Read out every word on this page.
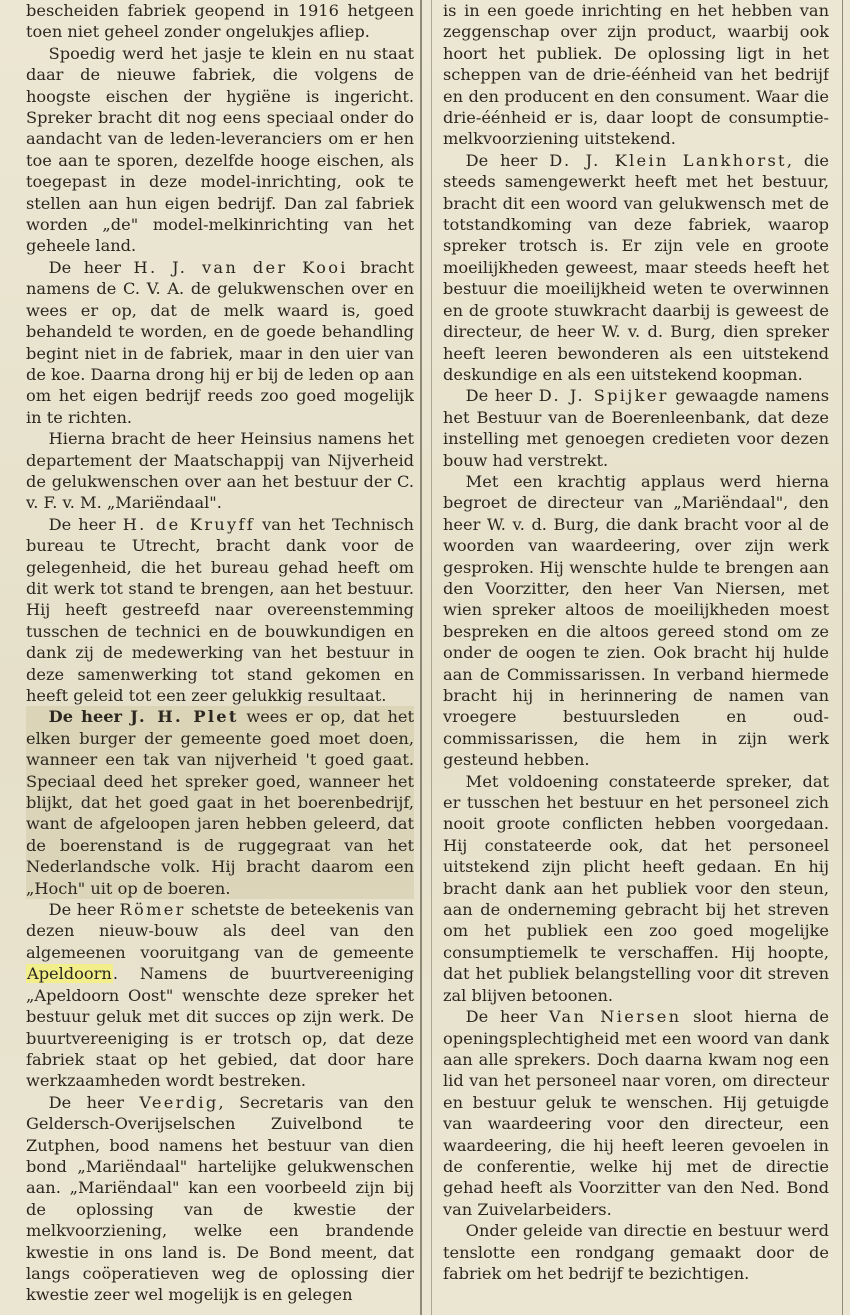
bescheiden fabriek geopend in 1916 hetgeen toen niet geheel zonder ongelukjes afliep.

Spoedig werd het jasje te klein en nu staat daar de nieuwe fabriek, die volgens de hoogste eischen der hygiëne is ingericht. Spreker bracht dit nog eens speciaal onder do aandacht van de leden-leveranciers om er hen toe aan te sporen, dezelfde hooge eischen, als toegepast in deze model-inrichting, ook te stellen aan hun eigen bedrijf. Dan zal fabriek worden „de" model-melkinrichting van het geheele land.

De heer H. J. van der Kooi bracht namens de C. V. A. de gelukwenschen over en wees er op, dat de melk waard is, goed behandeld te worden, en de goede behandling begint niet in de fabriek, maar in den uier van de koe. Daarna drong hij er bij de leden op aan om het eigen bedrijf reeds zoo goed mogelijk in te richten.

Hierna bracht de heer Heinsius namens het departement der Maatschappij van Nijverheid de gelukwenschen over aan het bestuur der C. v. F. v. M. „Mariëndaal".

De heer H. de Kruyff van het Technisch bureau te Utrecht, bracht dank voor de gelegenheid, die het bureau gehad heeft om dit werk tot stand te brengen, aan het bestuur. Hij heeft gestreefd naar overeenstemming tusschen de technici en de bouwkundigen en dank zij de medewerking van het bestuur in deze samenwerking tot stand gekomen en heeft geleid tot een zeer gelukkig resultaat.

De heer J. H. Plet wees er op, dat het elken burger der gemeente goed moet doen, wanneer een tak van nijverheid 't goed gaat. Speciaal deed het spreker goed, wanneer het blijkt, dat het goed gaat in het boerenbedrijf, want de afgeloopen jaren hebben geleerd, dat de boerenstand is de ruggegraat van het Nederlandsche volk. Hij bracht daarom een „Hoch" uit op de boeren.

De heer Römer schetste de beteekenis van dezen nieuw-bouw als deel van den algemeenen vooruitgang van de gemeente Apeldoorn. Namens de buurtvereeniging „Apeldoorn Oost" wenschte deze spreker het bestuur geluk met dit succes op zijn werk. De buurtvereeniging is er trotsch op, dat deze fabriek staat op het gebied, dat door hare werkzaamheden wordt bestreken.

De heer Veerdig, Secretaris van den Geldersch-Overijselschen Zuivelbond te Zutphen, bood namens het bestuur van dien bond „Mariëndaal" hartelijke gelukwenschen aan. „Mariëndaal" kan een voorbeeld zijn bij de oplossing van de kwestie der melkvoorziening, welke een brandende kwestie in ons land is. De Bond meent, dat langs coöperatieven weg de oplossing dier kwestie zeer wel mogelijk is en gelegen

is in een goede inrichting en het hebben van zeggenschap over zijn product, waarbij ook hoort het publiek. De oplossing ligt in het scheppen van de drie-éénheid van het bedrijf en den producent en den consument. Waar die drie-éénheid er is, daar loopt de consumptie-melkvoorziening uitstekend.

De heer D. J. Klein Lankhorst, die steeds samengewerkt heeft met het bestuur, bracht dit een woord van gelukwensch met de totstandkoming van deze fabriek, waarop spreker trotsch is. Er zijn vele en groote moeilijkheden geweest, maar steeds heeft het bestuur die moeilijkheid weten te overwinnen en de groote stuwkracht daarbij is geweest de directeur, de heer W. v. d. Burg, dien spreker heeft leeren bewonderen als een uitstekend deskundige en als een uitstekend koopman.

De heer D. J. Spijker gewaagde namens het Bestuur van de Boerenleenbank, dat deze instelling met genoegen credieten voor dezen bouw had verstrekt.

Met een krachtig applaus werd hierna begroet de directeur van „Mariëndaal", den heer W. v. d. Burg, die dank bracht voor al de woorden van waardeering, over zijn werk gesproken. Hij wenschte hulde te brengen aan den Voorzitter, den heer Van Niersen, met wien spreker altoos de moeilijkheden moest bespreken en die altoos gereed stond om ze onder de oogen te zien. Ook bracht hij hulde aan de Commissarissen. In verband hiermede bracht hij in herinnering de namen van vroegere bestuursleden en oud-commissarissen, die hem in zijn werk gesteund hebben.

Met voldoening constateerde spreker, dat er tusschen het bestuur en het personeel zich nooit groote conflicten hebben voorgedaan. Hij constateerde ook, dat het personeel uitstekend zijn plicht heeft gedaan. En hij bracht dank aan het publiek voor den steun, aan de onderneming gebracht bij het streven om het publiek een zoo goed mogelijke consumptiemelk te verschaffen. Hij hoopte, dat het publiek belangstelling voor dit streven zal blijven betoonen.

De heer Van Niersen sloot hierna de openingsplechtigheid met een woord van dank aan alle sprekers. Doch daarna kwam nog een lid van het personeel naar voren, om directeur en bestuur geluk te wenschen. Hij getuigde van waardeering voor den directeur, een waardeering, die hij heeft leeren gevoelen in de conferentie, welke hij met de directie gehad heeft als Voorzitter van den Ned. Bond van Zuivelarbeiders.

Onder geleide van directie en bestuur werd tenslotte een rondgang gemaakt door de fabriek om het bedrijf te bezichtigen.
